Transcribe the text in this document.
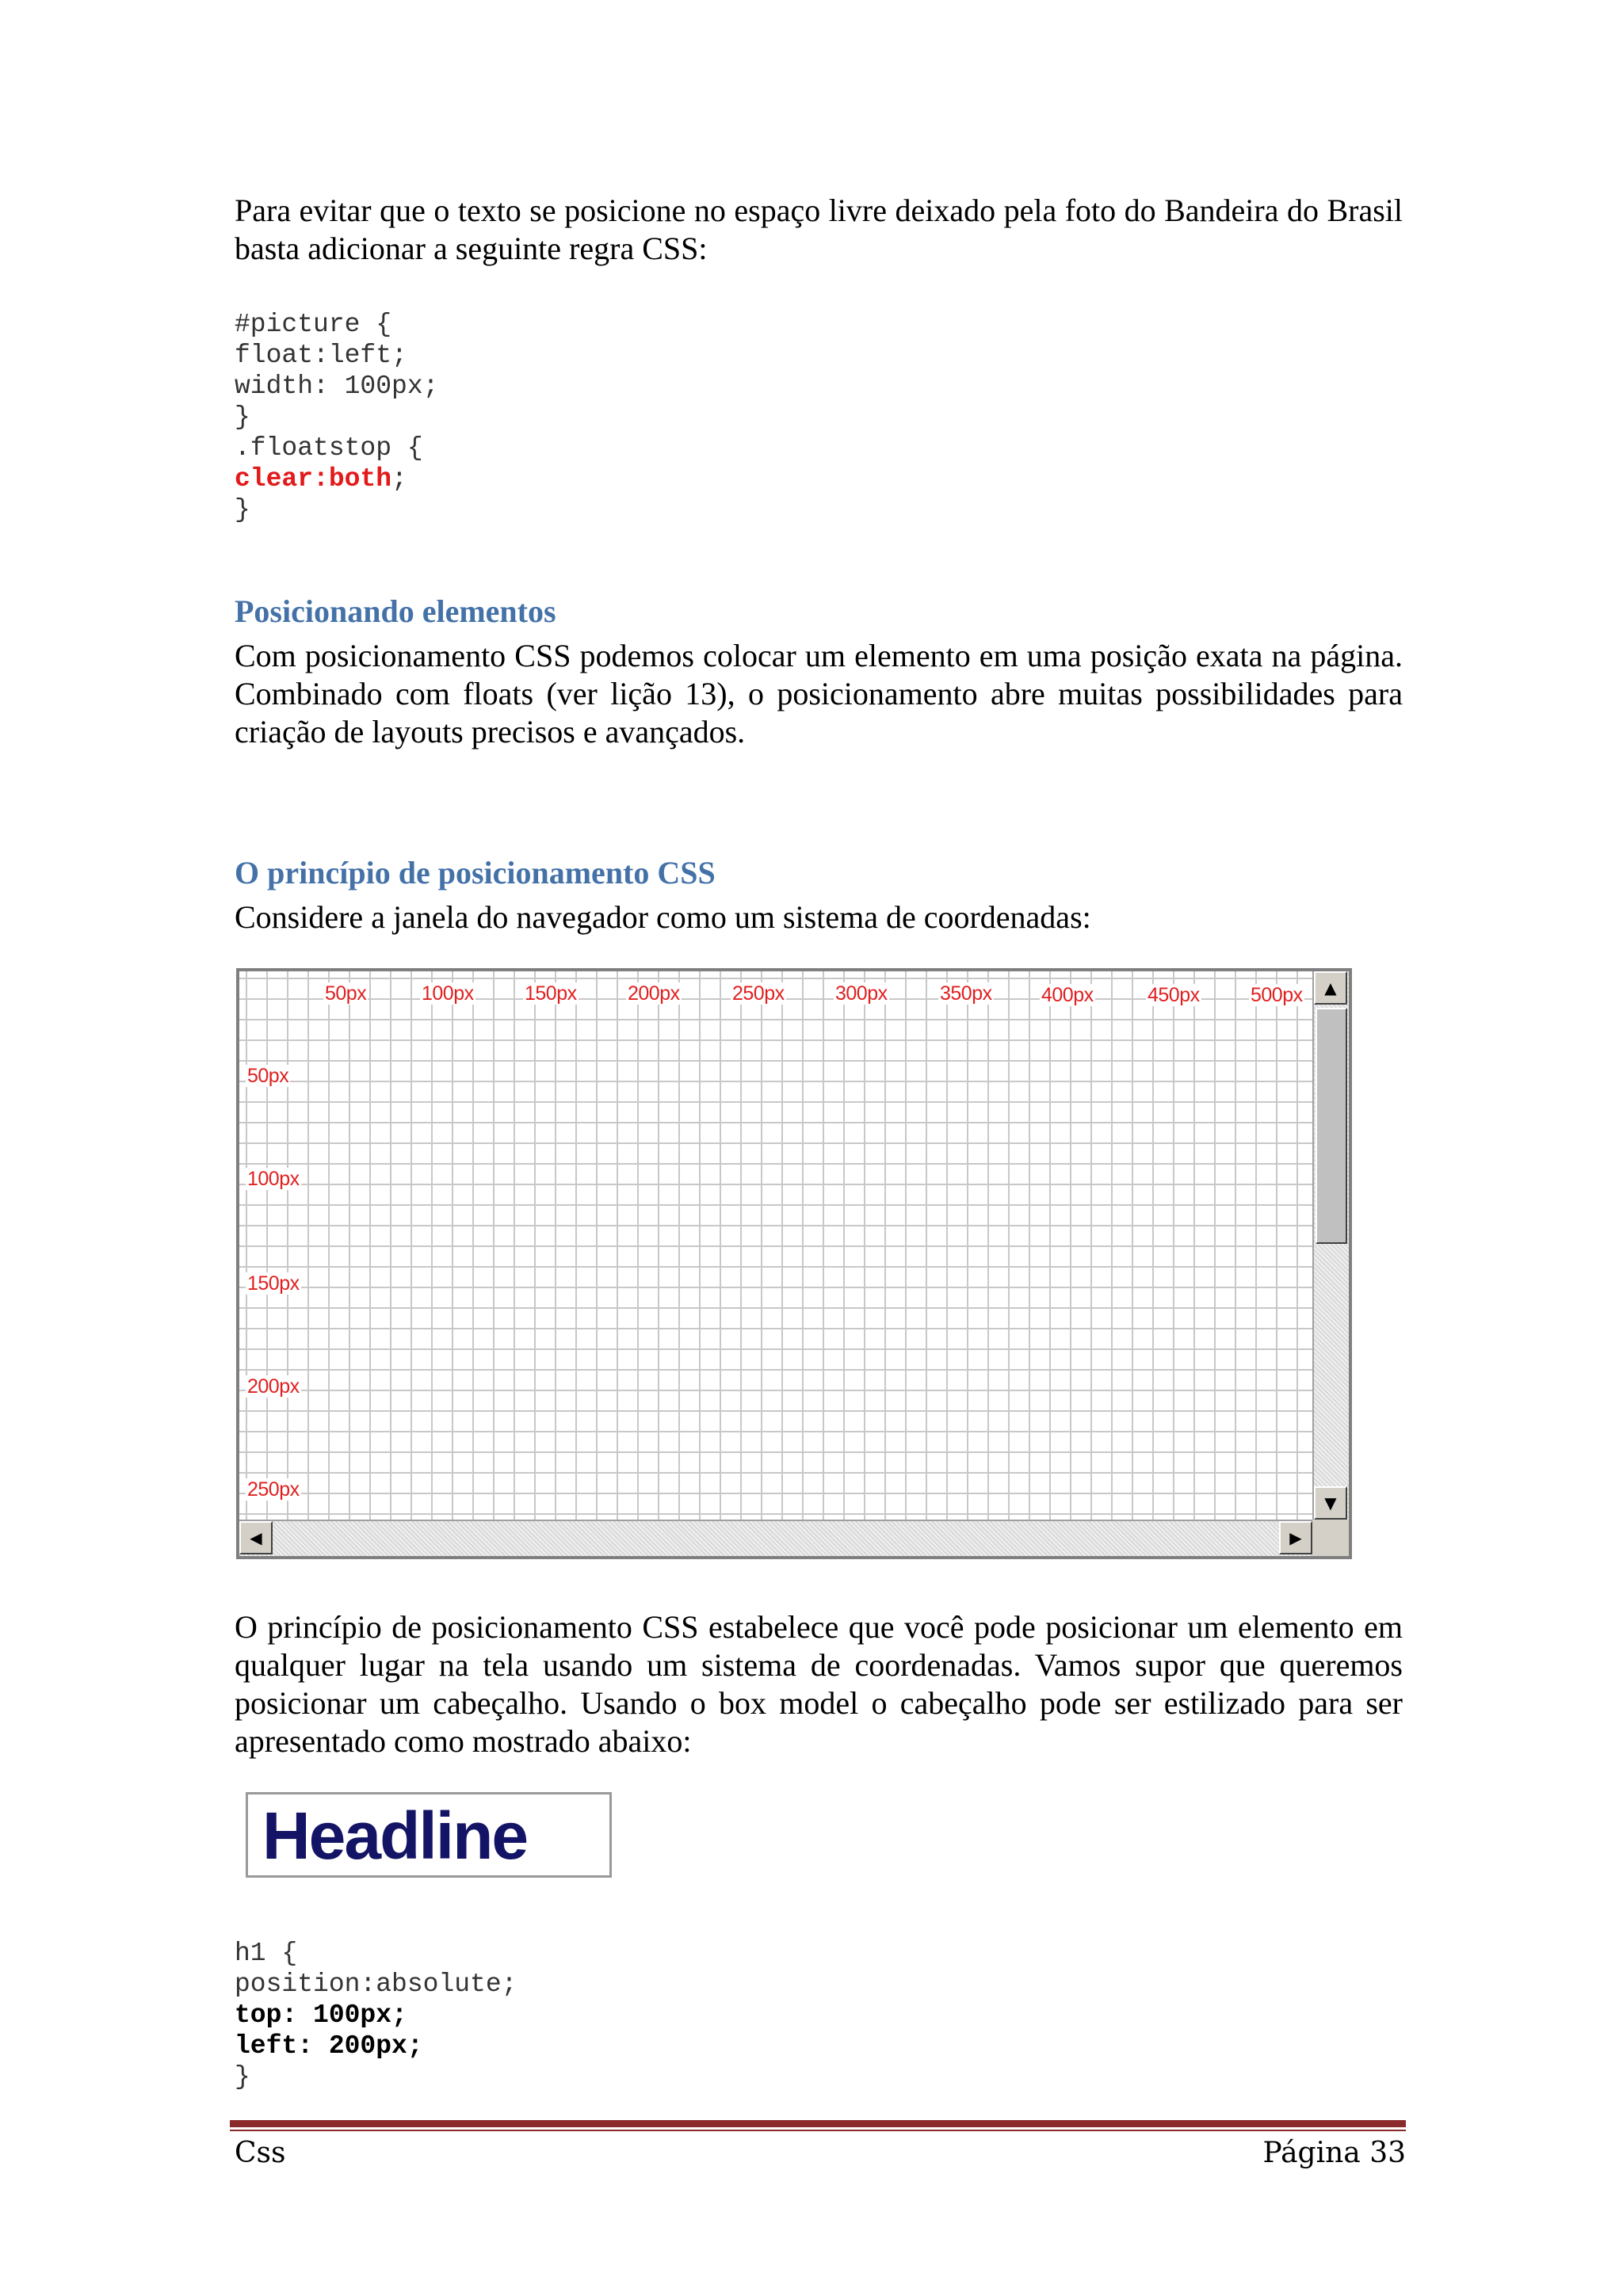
Para evitar que o texto se posicione no espaço livre deixado pela foto do Bandeira do Brasil basta adicionar a seguinte regra CSS:

#picture {
float:left;
width: 100px;
}
.floatstop {
clear:both;
}
Posicionando elementos

Com posicionamento CSS podemos colocar um elemento em uma posição exata na página. Combinado com floats (ver lição 13), o posicionamento abre muitas possibilidades para criação de layouts precisos e avançados.

O princípio de posicionamento CSS

Considere a janela do navegador como um sistema de coordenadas:

50px	100px	150px	200px	250px	300px	350px 400px	450px	500px
50px
100px
150px
200px
250px
▲
▼
◀	▶

O princípio de posicionamento CSS estabelece que você pode posicionar um elemento em qualquer lugar na tela usando um sistema de coordenadas. Vamos supor que queremos posicionar um cabeçalho. Usando o box model o cabeçalho pode ser estilizado para ser apresentado como mostrado abaixo:

Headline
h1 {
position:absolute;
top: 100px;
left: 200px;
}
Css	Página 33
